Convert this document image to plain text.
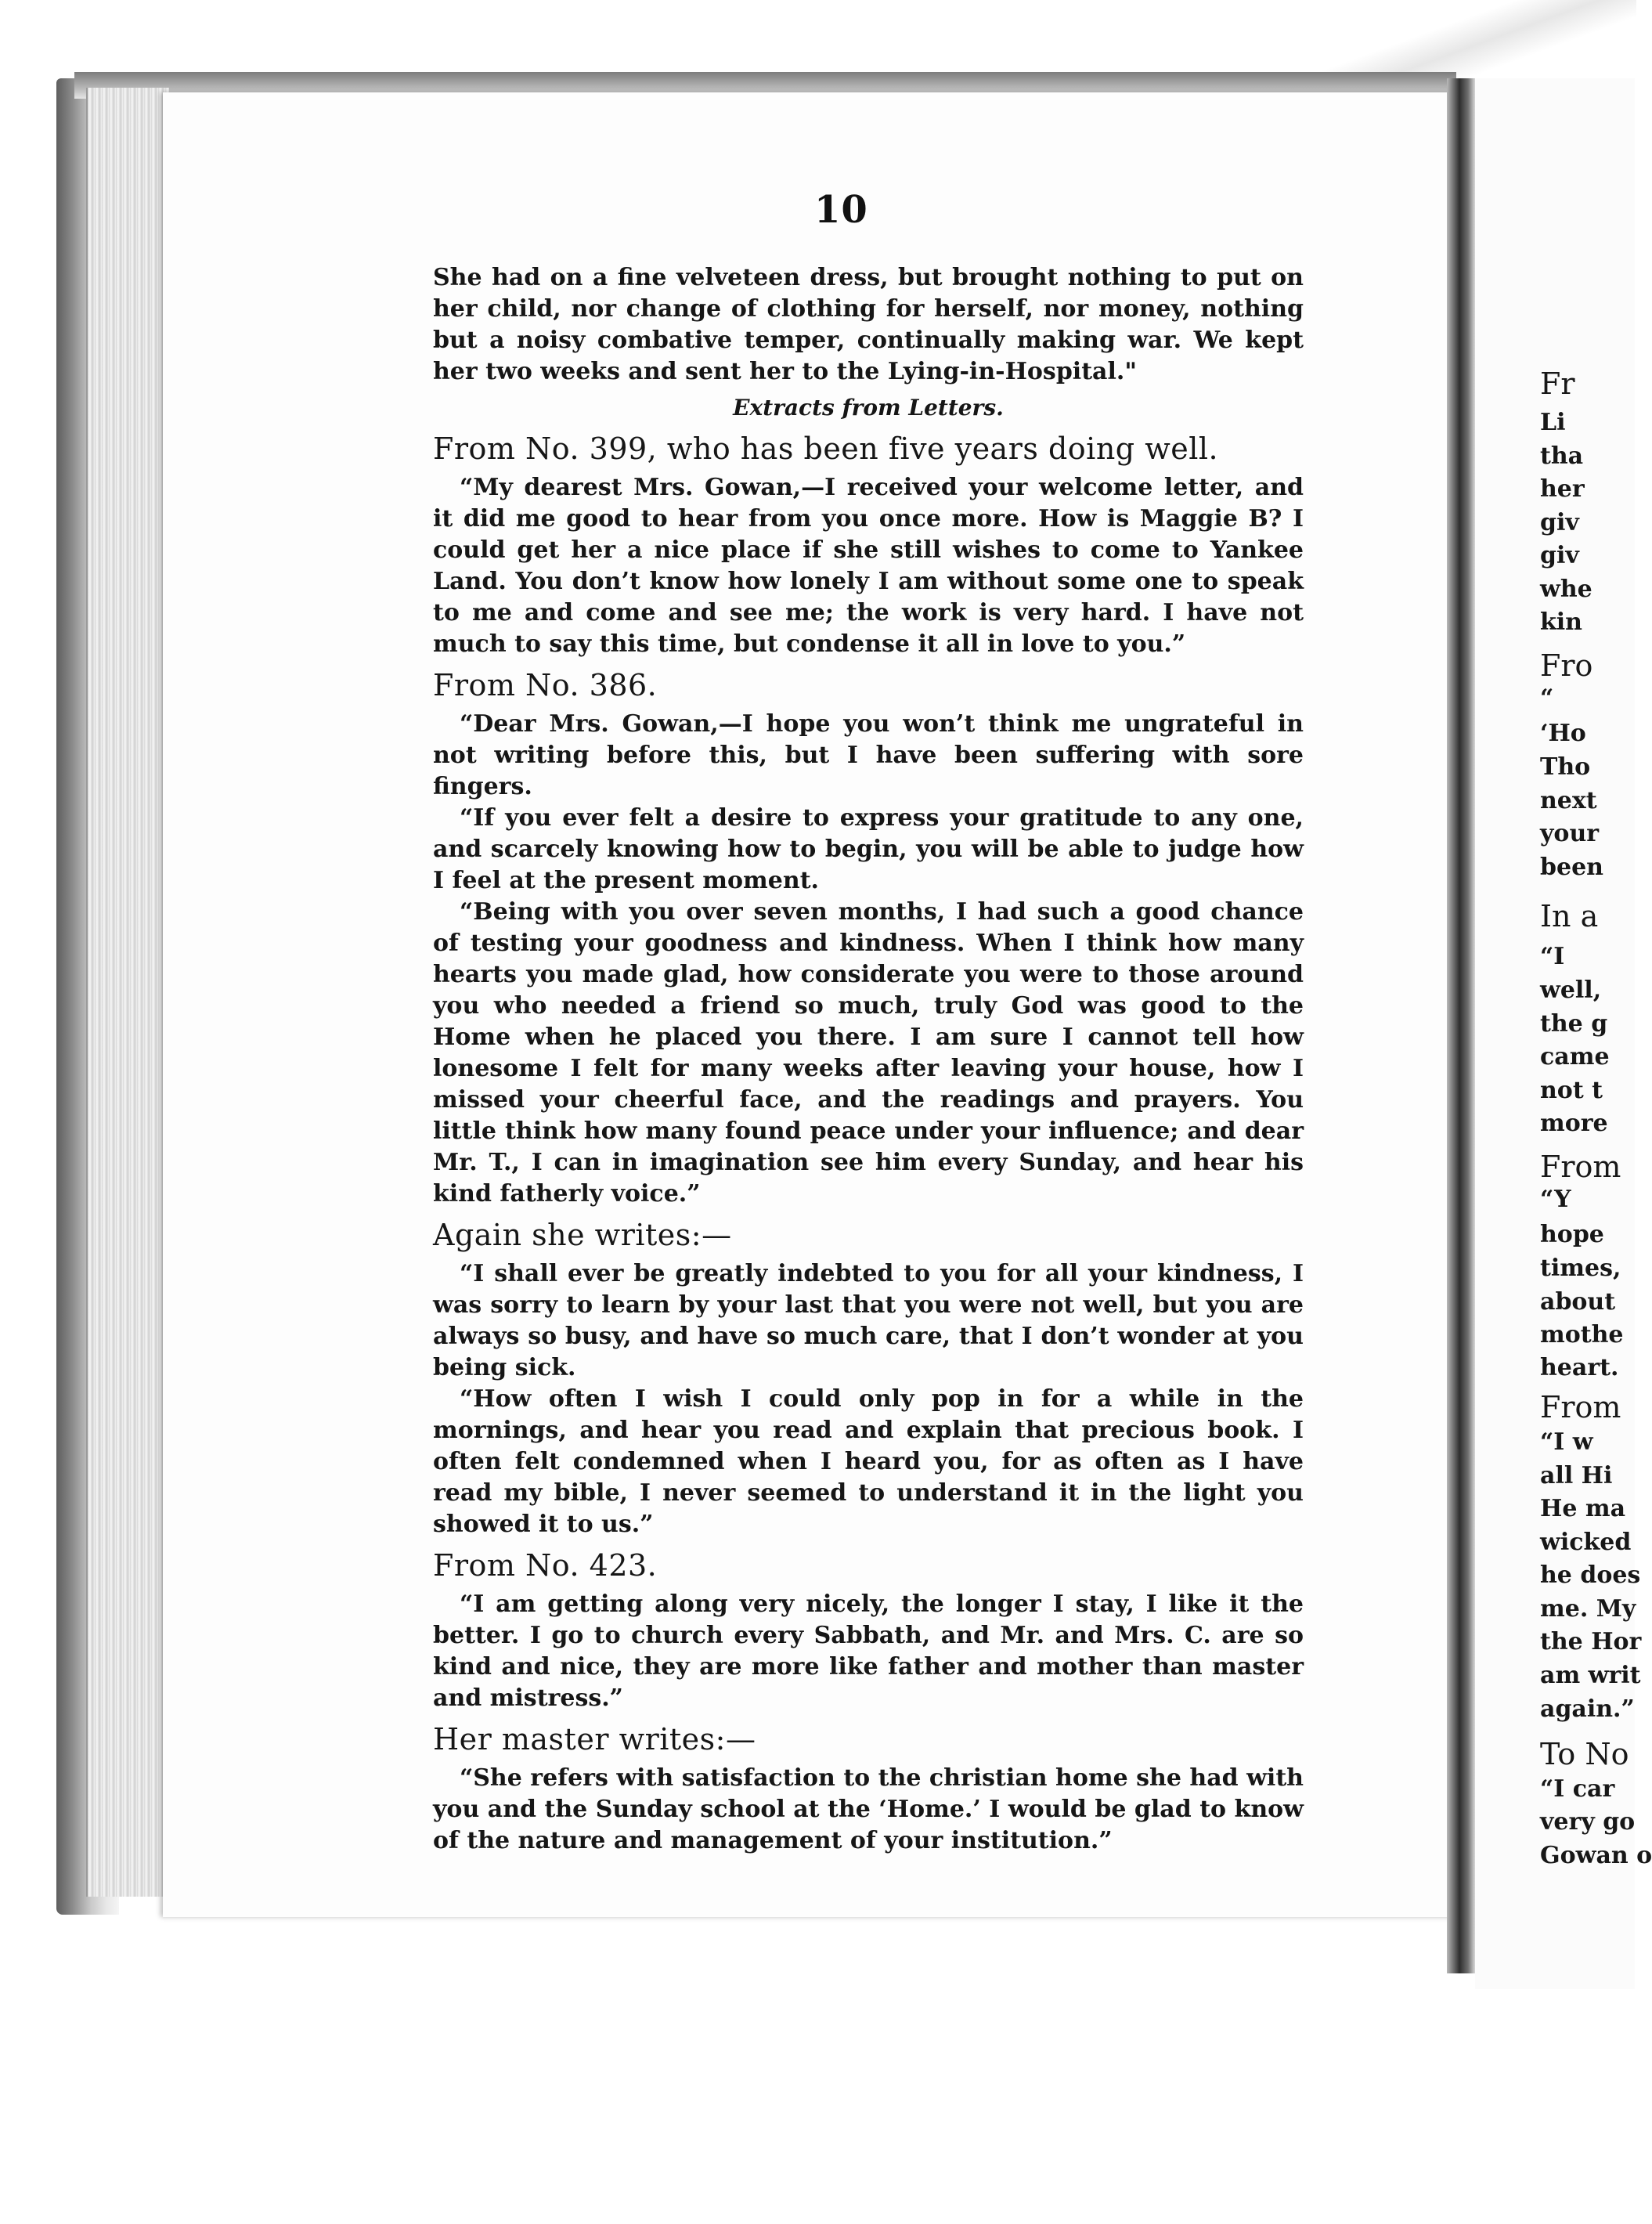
10

She had on a fine velveteen dress, but brought nothing to put on her child, nor change of clothing for herself, nor money, nothing but a noisy combative temper, continually making war. We kept her two weeks and sent her to the Lying-in-Hospital."

Extracts from Letters.

From No. 399, who has been five years doing well.

“My dearest Mrs. Gowan,—I received your welcome letter, and it did me good to hear from you once more. How is Maggie B? I could get her a nice place if she still wishes to come to Yankee Land. You don’t know how lonely I am without some one to speak to me and come and see me; the work is very hard. I have not much to say this time, but condense it all in love to you.”

From No. 386.

“Dear Mrs. Gowan,—I hope you won’t think me ungrateful in not writing before this, but I have been suffering with sore fingers.

“If you ever felt a desire to express your gratitude to any one, and scarcely knowing how to begin, you will be able to judge how I feel at the present moment.

“Being with you over seven months, I had such a good chance of testing your goodness and kindness. When I think how many hearts you made glad, how considerate you were to those around you who needed a friend so much, truly God was good to the Home when he placed you there. I am sure I cannot tell how lonesome I felt for many weeks after leaving your house, how I missed your cheerful face, and the readings and prayers. You little think how many found peace under your influence; and dear Mr. T., I can in imagination see him every Sunday, and hear his kind fatherly voice.”

Again she writes:—

“I shall ever be greatly indebted to you for all your kindness, I was sorry to learn by your last that you were not well, but you are always so busy, and have so much care, that I don’t wonder at you being sick.

“How often I wish I could only pop in for a while in the mornings, and hear you read and explain that precious book. I often felt condemned when I heard you, for as often as I have read my bible, I never seemed to understand it in the light you showed it to us.”

From No. 423.

“I am getting along very nicely, the longer I stay, I like it the better. I go to church every Sabbath, and Mr. and Mrs. C. are so kind and nice, they are more like father and mother than master and mistress.”

Her master writes:—

“She refers with satisfaction to the christian home she had with you and the Sunday school at the ‘Home.’ I would be glad to know of the nature and management of your institution.”

Fr
Li
tha
her
giv
giv
whe
kin
Fro
“
‘Ho
Tho
next
your
been
In a
“I
well,
the g
came
not t
more
From
“Y
hope
times,
about
mothe
heart.
From
“I w
all Hi
He ma
wicked
he does
me. My
the Hor
am writ
again.”
To No
“I car
very go
Gowan o
